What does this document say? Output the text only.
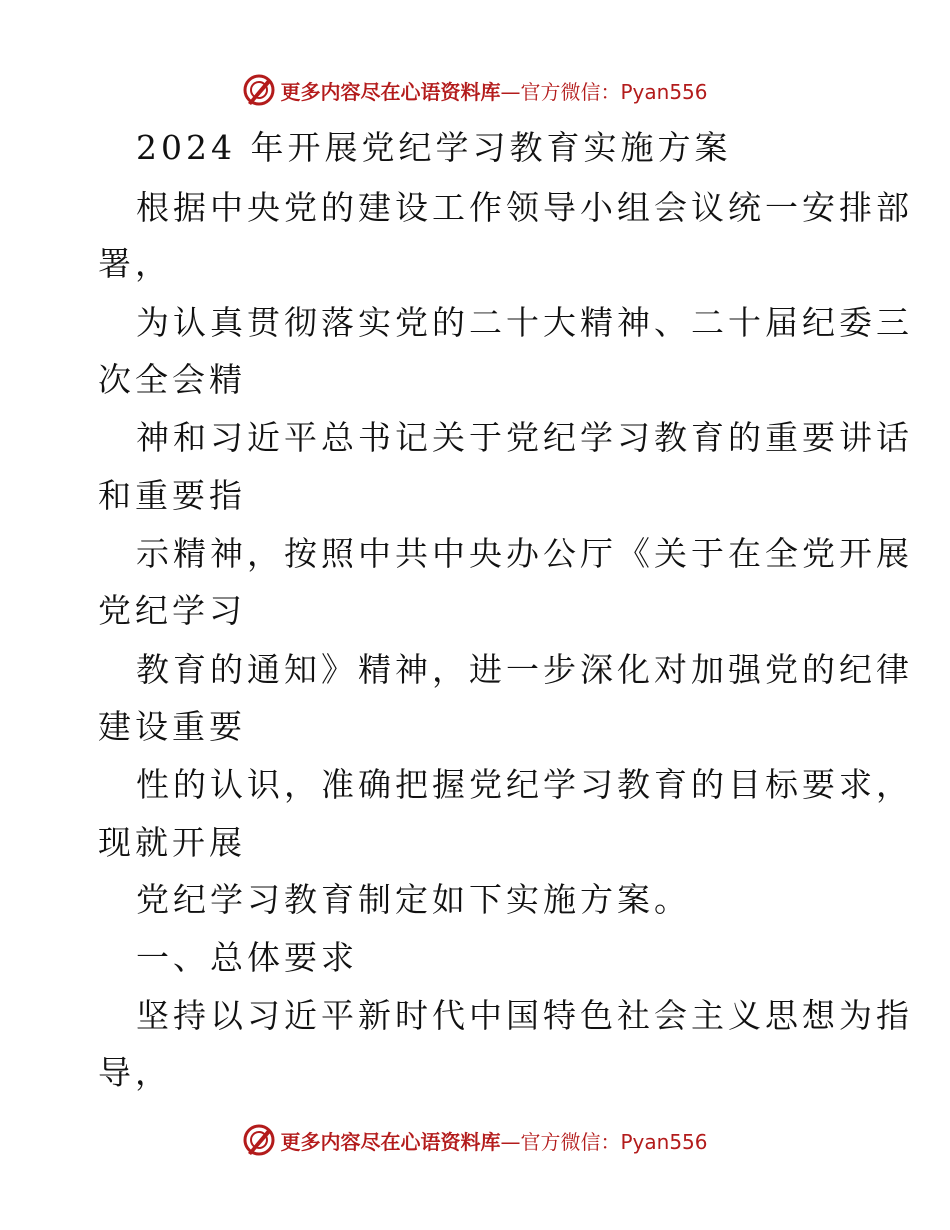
更多内容尽在心语资料库—官方微信：Pyan556
2024 年开展党纪学习教育实施方案
根据中央党的建设工作领导小组会议统一安排部
署，
为认真贯彻落实党的二十大精神、二十届纪委三
次全会精
神和习近平总书记关于党纪学习教育的重要讲话
和重要指
示精神，按照中共中央办公厅《关于在全党开展
党纪学习
教育的通知》精神，进一步深化对加强党的纪律
建设重要
性的认识，准确把握党纪学习教育的目标要求，
现就开展
党纪学习教育制定如下实施方案。
一、总体要求
坚持以习近平新时代中国特色社会主义思想为指
导，
更多内容尽在心语资料库—官方微信：Pyan556
